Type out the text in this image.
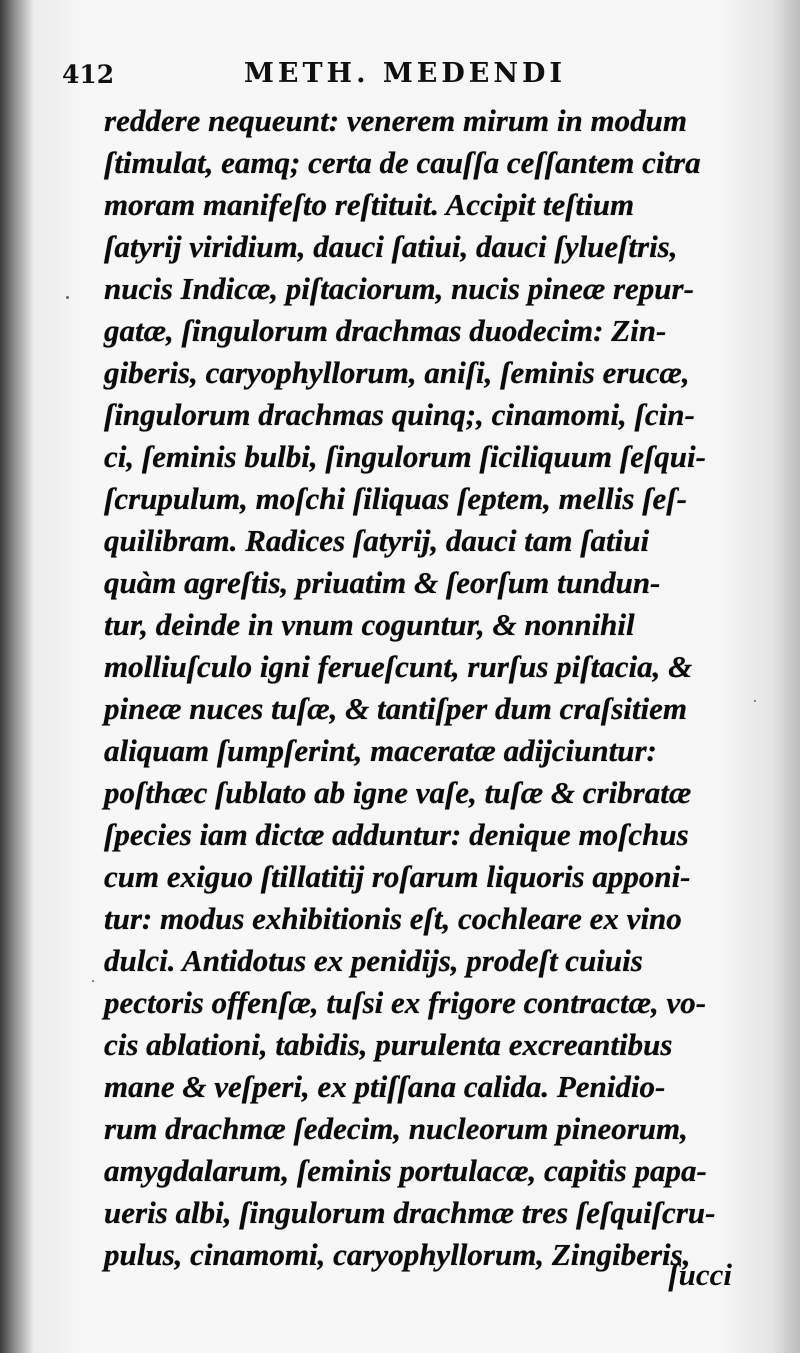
412	METH. MEDENDI
reddere nequeunt: venerem mirum in modum
ſtimulat, eamq; certa de cauſſa ceſſantem citra
moram manifeſto reſtituit. Accipit teſtium
ſatyrij viridium, dauci ſatiui, dauci ſylueſtris,
nucis Indicæ, piſtaciorum, nucis pineæ repur-
gatæ, ſingulorum drachmas duodecim: Zin-
giberis, caryophyllorum, aniſi, ſeminis erucæ,
ſingulorum drachmas quinq;, cinamomi, ſcin-
ci, ſeminis bulbi, ſingulorum ſiciliquum ſeſqui-
ſcrupulum, moſchi ſiliquas ſeptem, mellis ſeſ-
quilibram. Radices ſatyrij, dauci tam ſatiui
quàm agreſtis, priuatim & ſeorſum tundun-
tur, deinde in vnum coguntur, & nonnihil
molliuſculo igni ferueſcunt, rurſus piſtacia, &
pineæ nuces tuſæ, & tantiſper dum craſsitiem
aliquam ſumpſerint, maceratæ adijciuntur:
poſthæc ſublato ab igne vaſe, tuſæ & cribratæ
ſpecies iam dictæ adduntur: denique moſchus
cum exiguo ſtillatitij roſarum liquoris apponi-
tur: modus exhibitionis eſt, cochleare ex vino
dulci. Antidotus ex penidijs, prodeſt cuiuis
pectoris offenſæ, tuſsi ex frigore contractæ, vo-
cis ablationi, tabidis, purulenta excreantibus
mane & veſperi, ex ptiſſana calida. Penidio-
rum drachmæ ſedecim, nucleorum pineorum,
amygdalarum, ſeminis portulacæ, capitis papa-
ueris albi, ſingulorum drachmæ tres ſeſquiſcru-
pulus, cinamomi, caryophyllorum, Zingiberis,
ſucci
